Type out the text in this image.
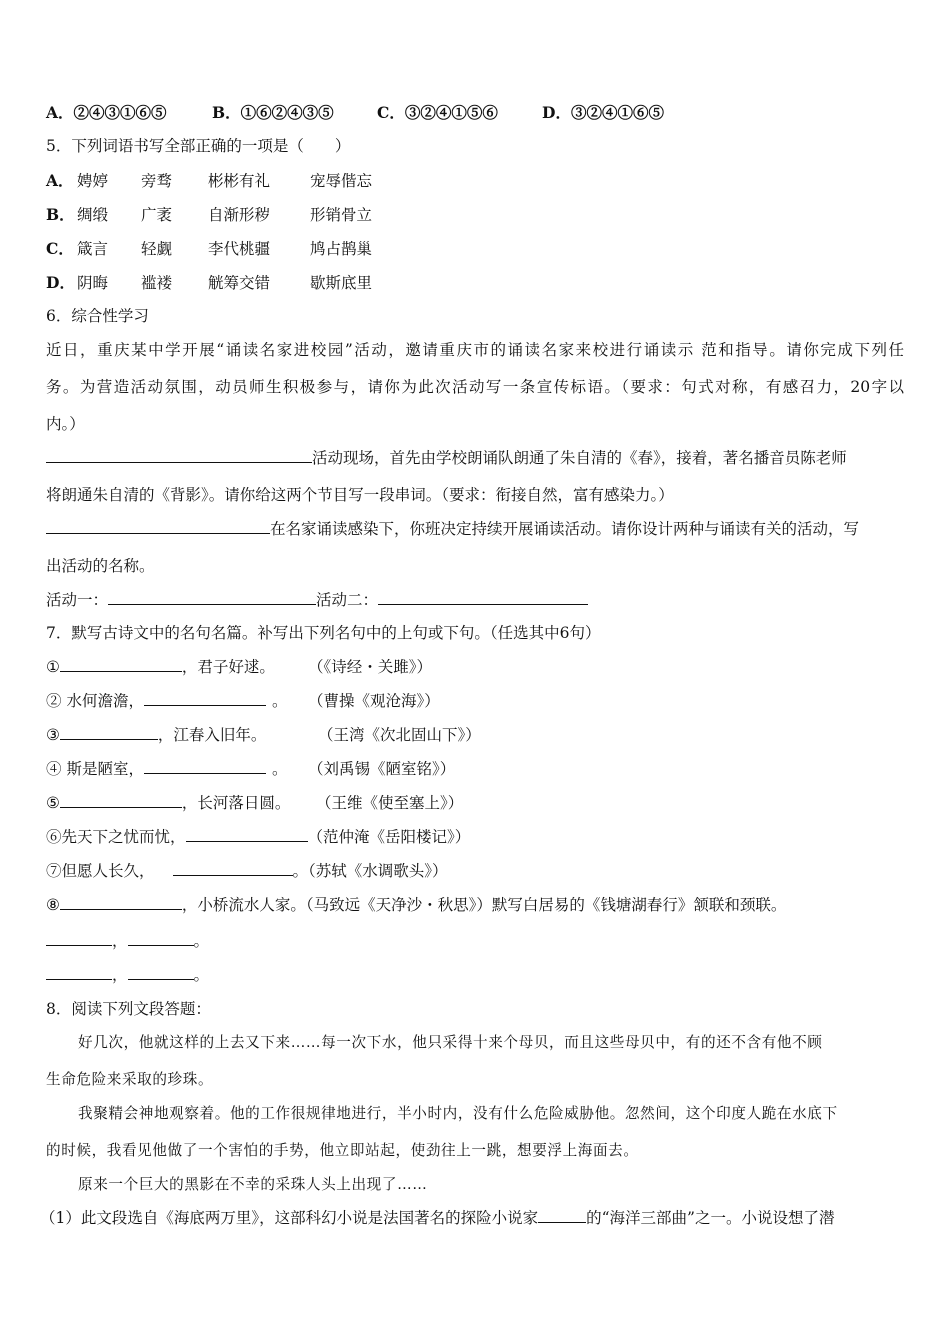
A．②④③①⑥⑤	B．①⑥②④③⑤	C．③②④①⑤⑥	D．③②④①⑥⑤
5．下列词语书写全部正确的一项是（　　）
A． 娉婷 旁骛 彬彬有礼	宠辱偕忘
B． 绸缎 广袤 自渐形秽	形销骨立
C． 箴言 轻觑 李代桃疆	鸠占鹊巢
D． 阴晦 褴褛 觥筹交错	歇斯底里
6．综合性学习
近日，重庆某中学开展“诵读名家进校园”活动，邀请重庆市的诵读名家来校进行诵读示 范和指导。请你完成下列任
务。为营造活动氛围，动员师生积极参与，请你为此次活动写一条宣传标语。（要求：句式对称，有感召力，20字以
内。）
活动现场，首先由学校朗诵队朗通了朱自清的《春》，接着，著名播音员陈老师
将朗通朱自清的《背影》。请你给这两个节目写一段串词。（要求：衔接自然，富有感染力。）
在名家诵读感染下，你班决定持续开展诵读活动。请你设计两种与诵读有关的活动，写
出活动的名称。
活动一：	活动二：
7．默写古诗文中的名句名篇。补写出下列名句中的上句或下句。（任选其中6句）
①	，君子好逑。 （《诗经・关雎》）
② 水何澹澹，	。 （曹操《观沧海》）
③	，江春入旧年。	（王湾《次北固山下》）
④ 斯是陋室，	。 （刘禹锡《陋室铭》）
⑤	，长河落日圆。 （王维《使至塞上》）
⑥先天下之忧而忧，	（范仲淹《岳阳楼记》）
⑦但愿人长久，	。（苏轼《水调歌头》）
⑧	，小桥流水人家。（马致远《天净沙・秋思》）默写白居易的《钱塘湖春行》颔联和颈联。
，	。
，	。
8．阅读下列文段答题：
好几次，他就这样的上去又下来……每一次下水，他只采得十来个母贝，而且这些母贝中，有的还不含有他不顾
生命危险来采取的珍珠。
我聚精会神地观察着。他的工作很规律地进行，半小时内，没有什么危险威胁他。忽然间，这个印度人跪在水底下
的时候，我看见他做了一个害怕的手势，他立即站起，使劲往上一跳，想要浮上海面去。
原来一个巨大的黑影在不幸的采珠人头上出现了……
（1）此文段选自《海底两万里》，这部科幻小说是法国著名的探险小说家	的“海洋三部曲”之一。小说设想了潜
